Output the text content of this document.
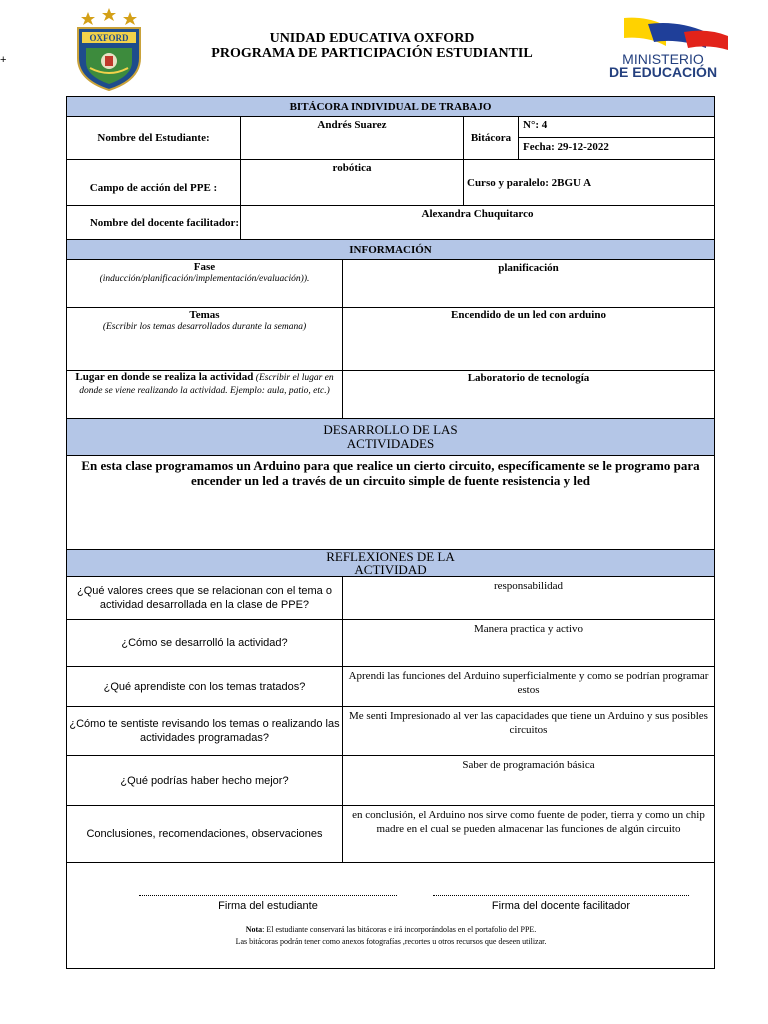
+
OXFORD	UNIDAD EDUCATIVA OXFORD
PROGRAMA DE PARTICIPACIÓN ESTUDIANTIL	MINISTERIO
DE EDUCACIÓN
BITÁCORA INDIVIDUAL DE TRABAJO				
Nombre del Estudiante:	Andrés Suarez		Bitácora	N°: 4
				Fecha: 29-12-2022
Campo de acción del PPE :	robótica		Curso y paralelo: 2BGU A	
Nombre del docente facilitador:	Alexandra Chuquitarco			
INFORMACIÓN				

Fase
(inducción/planificación/implementación/evaluación)).		planificación		

Temas
(Escribir los temas desarrollados durante la semana)		Encendido de un led con arduino		
Lugar en donde se realiza la actividad (Escribir el lugar en donde se viene realizando la actividad. Ejemplo: aula, patio, etc.)		Laboratorio de tecnología		

DESARROLLO DE LAS
ACTIVIDADES				

En esta clase programamos un Arduino para que realice un cierto circuito, específicamente se le programo para encender un led a través de un circuito simple de fuente resistencia y led				

REFLEXIONES DE LA
ACTIVIDAD				

¿Qué valores crees que se relacionan con el tema o actividad desarrollada en la clase de PPE?		responsabilidad		
¿Cómo se desarrolló la actividad?		Manera practica y activo		
¿Qué aprendiste con los temas tratados?		Aprendi las funciones del Arduino superficialmente y como se podrían programar estos		
¿Cómo te sentiste revisando los temas o realizando las actividades programadas?		Me senti Impresionado al ver las capacidades que tiene un Arduino y sus posibles circuitos		
¿Qué podrías haber hecho mejor?		Saber de programación básica		
Conclusiones, recomendaciones, observaciones		en conclusión, el Arduino nos sirve como fuente de poder, tierra y como un chip madre en el cual se pueden almacenar las funciones de algún circuito		

Firma del estudiante Firma del docente facilitador
Nota: El estudiante conservará las bitácoras e irá incorporándolas en el portafolio del PPE.
Las bitácoras podrán tener como anexos fotografías ,recortes u otros recursos que deseen utilizar.				
